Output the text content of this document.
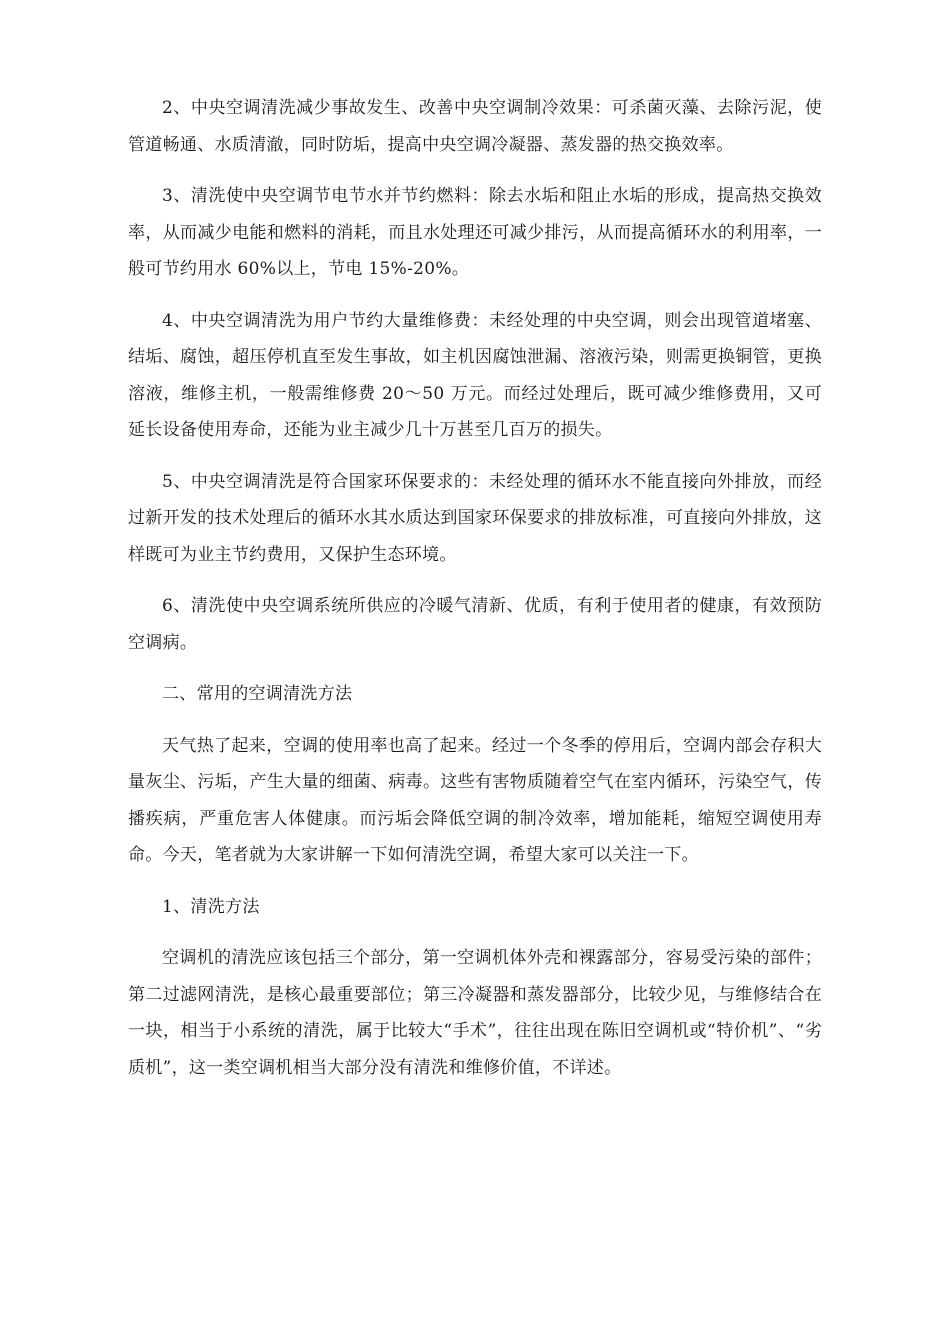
2、中央空调清洗减少事故发生、改善中央空调制冷效果：可杀菌灭藻、去除污泥，使管道畅通、水质清澈，同时防垢，提高中央空调冷凝器、蒸发器的热交换效率。

3、清洗使中央空调节电节水并节约燃料：除去水垢和阻止水垢的形成，提高热交换效率，从而减少电能和燃料的消耗，而且水处理还可减少排污，从而提高循环水的利用率，一般可节约用水 60%以上，节电 15%-20%。

4、中央空调清洗为用户节约大量维修费：未经处理的中央空调，则会出现管道堵塞、结垢、腐蚀，超压停机直至发生事故，如主机因腐蚀泄漏、溶液污染，则需更换铜管，更换溶液，维修主机，一般需维修费 20～50 万元。而经过处理后，既可减少维修费用，又可延长设备使用寿命，还能为业主减少几十万甚至几百万的损失。

5、中央空调清洗是符合国家环保要求的：未经处理的循环水不能直接向外排放，而经过新开发的技术处理后的循环水其水质达到国家环保要求的排放标准，可直接向外排放，这样既可为业主节约费用，又保护生态环境。

6、清洗使中央空调系统所供应的冷暖气清新、优质，有利于使用者的健康，有效预防空调病。

二、常用的空调清洗方法

天气热了起来，空调的使用率也高了起来。经过一个冬季的停用后，空调内部会存积大量灰尘、污垢，产生大量的细菌、病毒。这些有害物质随着空气在室内循环，污染空气，传播疾病，严重危害人体健康。而污垢会降低空调的制冷效率，增加能耗，缩短空调使用寿命。今天，笔者就为大家讲解一下如何清洗空调，希望大家可以关注一下。

1、清洗方法

空调机的清洗应该包括三个部分，第一空调机体外壳和裸露部分，容易受污染的部件；第二过滤网清洗，是核心最重要部位；第三冷凝器和蒸发器部分，比较少见，与维修结合在一块，相当于小系统的清洗，属于比较大“手术”，往往出现在陈旧空调机或“特价机”、“劣质机”，这一类空调机相当大部分没有清洗和维修价值，不详述。
